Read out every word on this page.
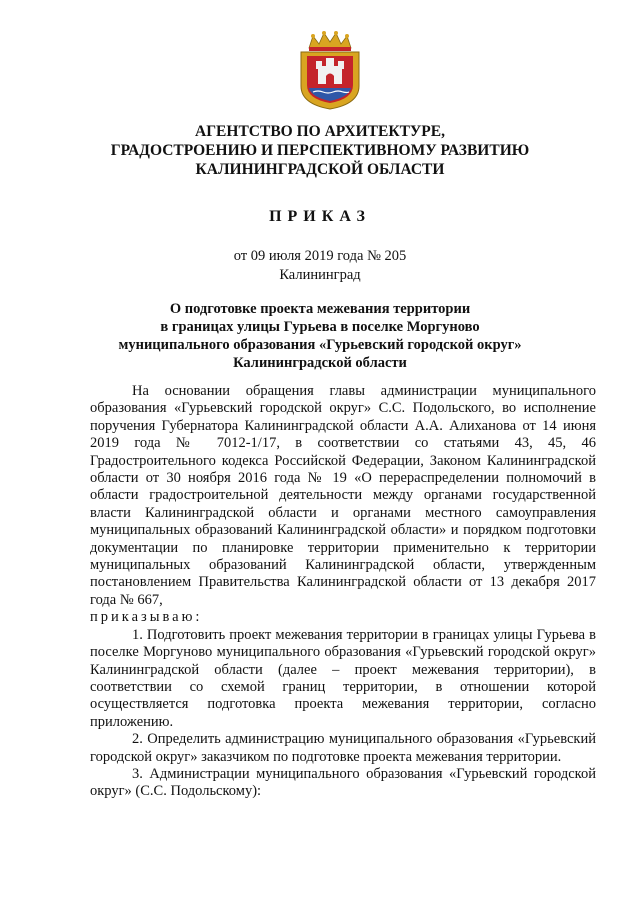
АГЕНТСТВО ПО АРХИТЕКТУРЕ,
ГРАДОСТРОЕНИЮ И ПЕРСПЕКТИВНОМУ РАЗВИТИЮ
КАЛИНИНГРАДСКОЙ ОБЛАСТИ
ПРИКАЗ
от 09 июля 2019 года № 205
Калининград
О подготовке проекта межевания территории
в границах улицы Гурьева в поселке Моргуново
муниципального образования «Гурьевский городской округ»
Калининградской области

На основании обращения главы администрации муниципального образования «Гурьевский городской округ» С.С. Подольского, во исполнение поручения Губернатора Калининградской области А.А. Алиханова от 14 июня 2019 года № 7012-1/17, в соответствии со статьями 43, 45, 46 Градостроительного кодекса Российской Федерации, Законом Калининградской области от 30 ноября 2016 года № 19 «О перераспределении полномочий в области градостроительной деятельности между органами государственной власти Калининградской области и органами местного самоуправления муниципальных образований Калининградской области» и порядком подготовки документации по планировке территории применительно к территории муниципальных образований Калининградской области, утвержденным постановлением Правительства Калининградской области от 13 декабря 2017 года № 667,

приказываю:

1. Подготовить проект межевания территории в границах улицы Гурьева в поселке Моргуново муниципального образования «Гурьевский городской округ» Калининградской области (далее – проект межевания территории), в соответствии со схемой границ территории, в отношении которой осуществляется подготовка проекта межевания территории, согласно приложению.

2. Определить администрацию муниципального образования «Гурьевский городской округ» заказчиком по подготовке проекта межевания территории.

3. Администрации муниципального образования «Гурьевский городской округ» (С.С. Подольскому):
